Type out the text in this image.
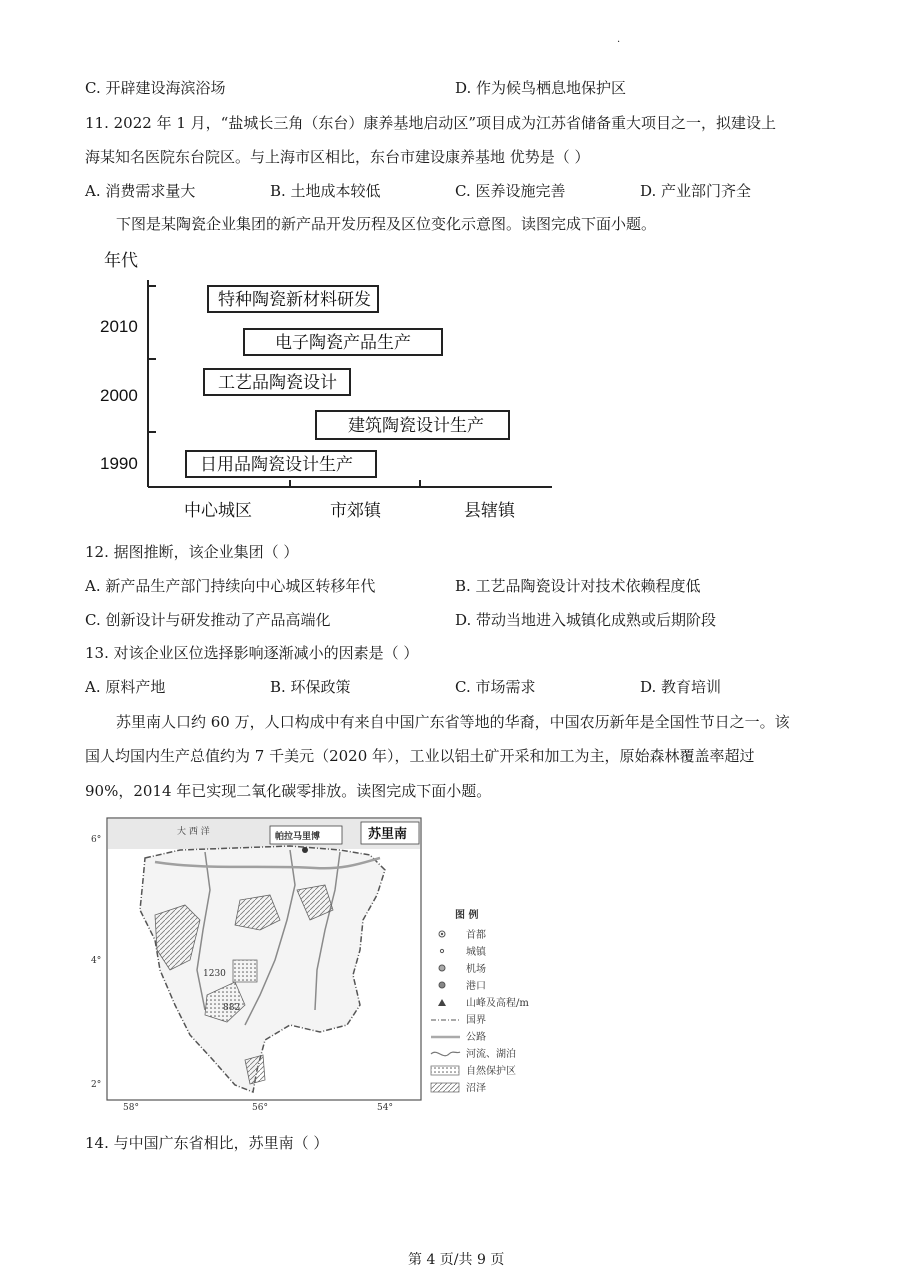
.
C. 开辟建设海滨浴场	D. 作为候鸟栖息地保护区
11. 2022 年 1 月，“盐城长三角（东台）康养基地启动区”项目成为江苏省储备重大项目之一，拟建设上
海某知名医院东台院区。与上海市区相比，东台市建设康养基地 优势是（ ）
A. 消费需求量大	B. 土地成本较低	C. 医养设施完善	D. 产业部门齐全
下图是某陶瓷企业集团的新产品开发历程及区位变化示意图。读图完成下面小题。
年代
2010
2000
1990
中心城区	市郊镇	县辖镇
特种陶瓷新材料研发
电子陶瓷产品生产
工艺品陶瓷设计
建筑陶瓷设计生产
日用品陶瓷设计生产
12. 据图推断，该企业集团（ ）
A. 新产品生产部门持续向中心城区转移年代	B. 工艺品陶瓷设计对技术依赖程度低
C. 创新设计与研发推动了产品高端化	D. 带动当地进入城镇化成熟或后期阶段
13. 对该企业区位选择影响逐渐减小的因素是（ ）
A. 原料产地	B. 环保政策	C. 市场需求	D. 教育培训
苏里南人口约 60 万，人口构成中有来自中国广东省等地的华裔，中国农历新年是全国性节日之一。该
国人均国内生产总值约为 7 千美元（2020 年），工业以铝土矿开采和加工为主，原始森林覆盖率超过
90%，2014 年已实现二氧化碳零排放。读图完成下面小题。
大 西 洋	帕拉马里博	苏里南
1230
882
6°
4°
2°
58°	56°	54°
图 例
首都
城镇
机场
港口
山峰及高程/m
国界
公路
河流、湖泊
自然保护区
沼泽
14. 与中国广东省相比，苏里南（ ）
第 4 页/共 9 页
